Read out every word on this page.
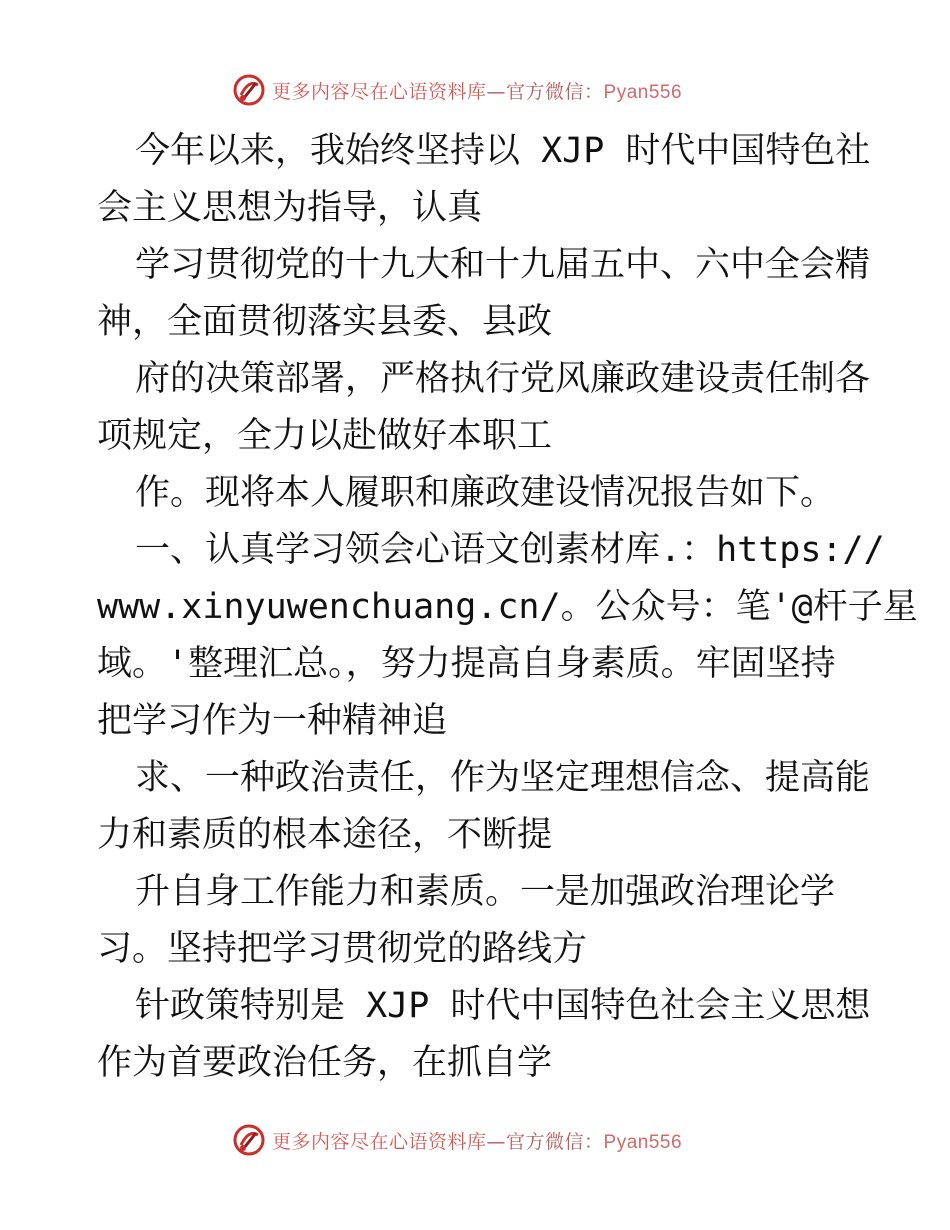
更多内容尽在心语资料库—官方微信：Pyan556
今年以来，我始终坚持以 XJP 时代中国特色社
会主义思想为指导，认真
学习贯彻党的十九大和十九届五中、六中全会精
神，全面贯彻落实县委、县政
府的决策部署，严格执行党风廉政建设责任制各
项规定，全力以赴做好本职工
作。现将本人履职和廉政建设情况报告如下。
一、认真学习领会心语文创素材库.：https://
www.xinyuwenchuang.cn/。公众号：笔'@杆子星
域。'整理汇总。，努力提高自身素质。牢固坚持
把学习作为一种精神追
求、一种政治责任，作为坚定理想信念、提高能
力和素质的根本途径，不断提
升自身工作能力和素质。一是加强政治理论学
习。坚持把学习贯彻党的路线方
针政策特别是 XJP 时代中国特色社会主义思想
作为首要政治任务，在抓自学
更多内容尽在心语资料库—官方微信：Pyan556
